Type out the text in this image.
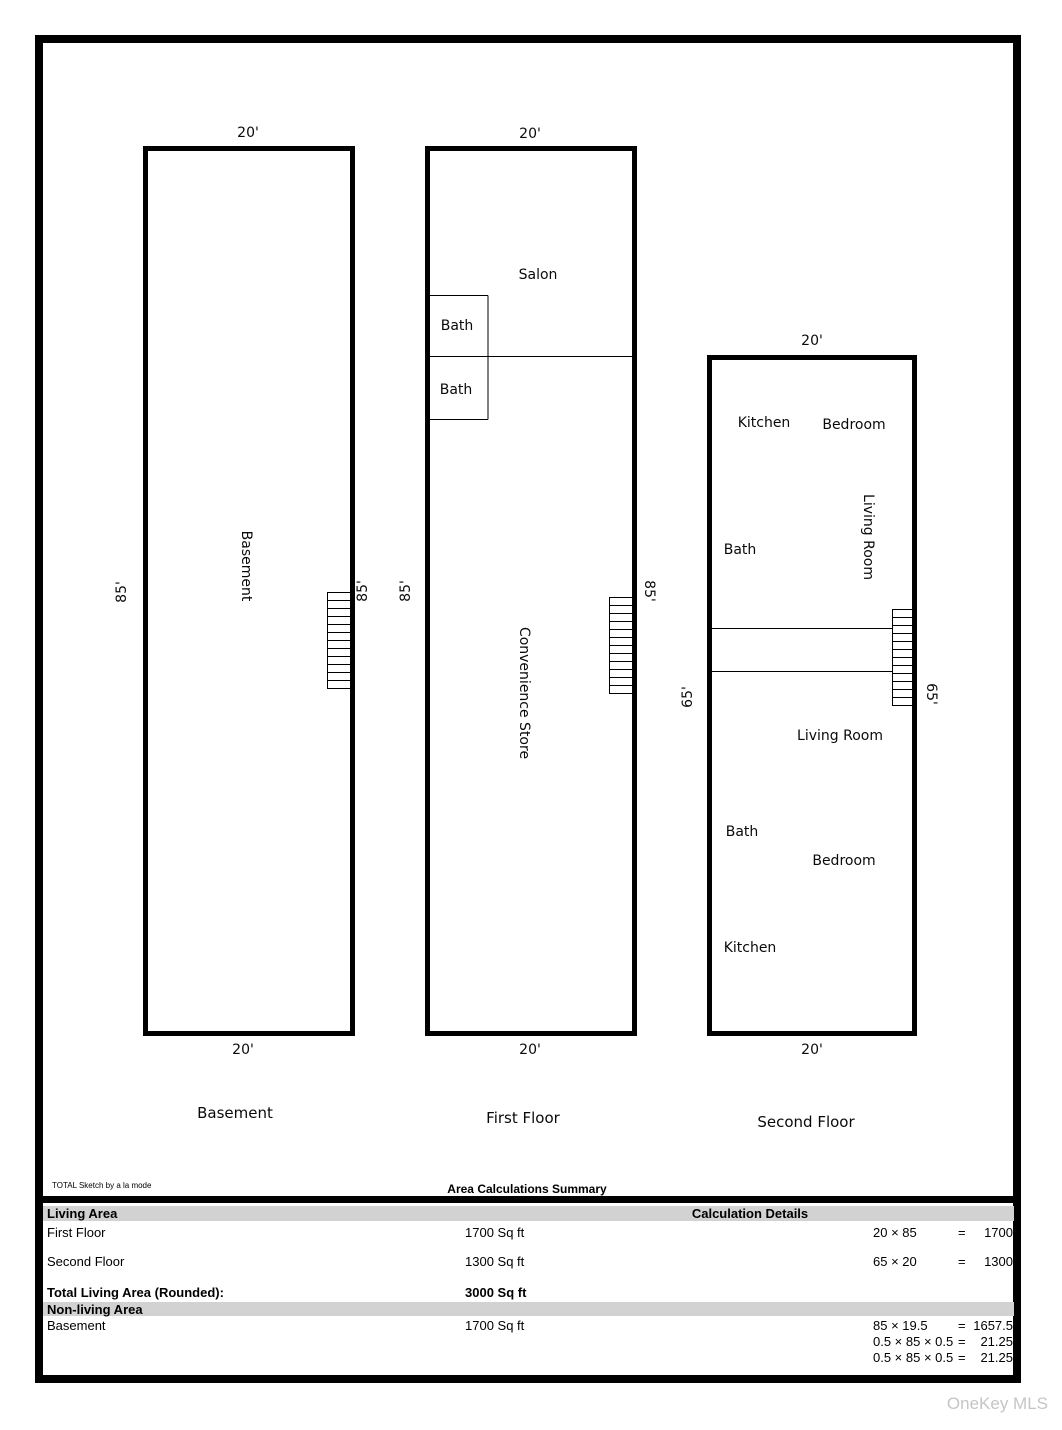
20'
20'
85'	85'
Basement
Basement
20'
20'
85'	85'
Salon
Bath
Bath
Convenience Store
First Floor
20'
20'
65'	65'
Kitchen Bedroom
Bath	Living Room
Living Room
Bath
Bedroom
Kitchen
Second Floor
TOTAL Sketch by a la mode	Area Calculations Summary
Living Area	Calculation Details
First Floor	1700 Sq ft	20 × 85	= 1700
Second Floor	1300 Sq ft	65 × 20	= 1300
Total Living Area (Rounded):	3000 Sq ft
Non-living Area
Basement	1700 Sq ft	85 × 19.5 = 1657.5
0.5 × 85 × 0.5 = 21.25
0.5 × 85 × 0.5 = 21.25
OneKey MLS
